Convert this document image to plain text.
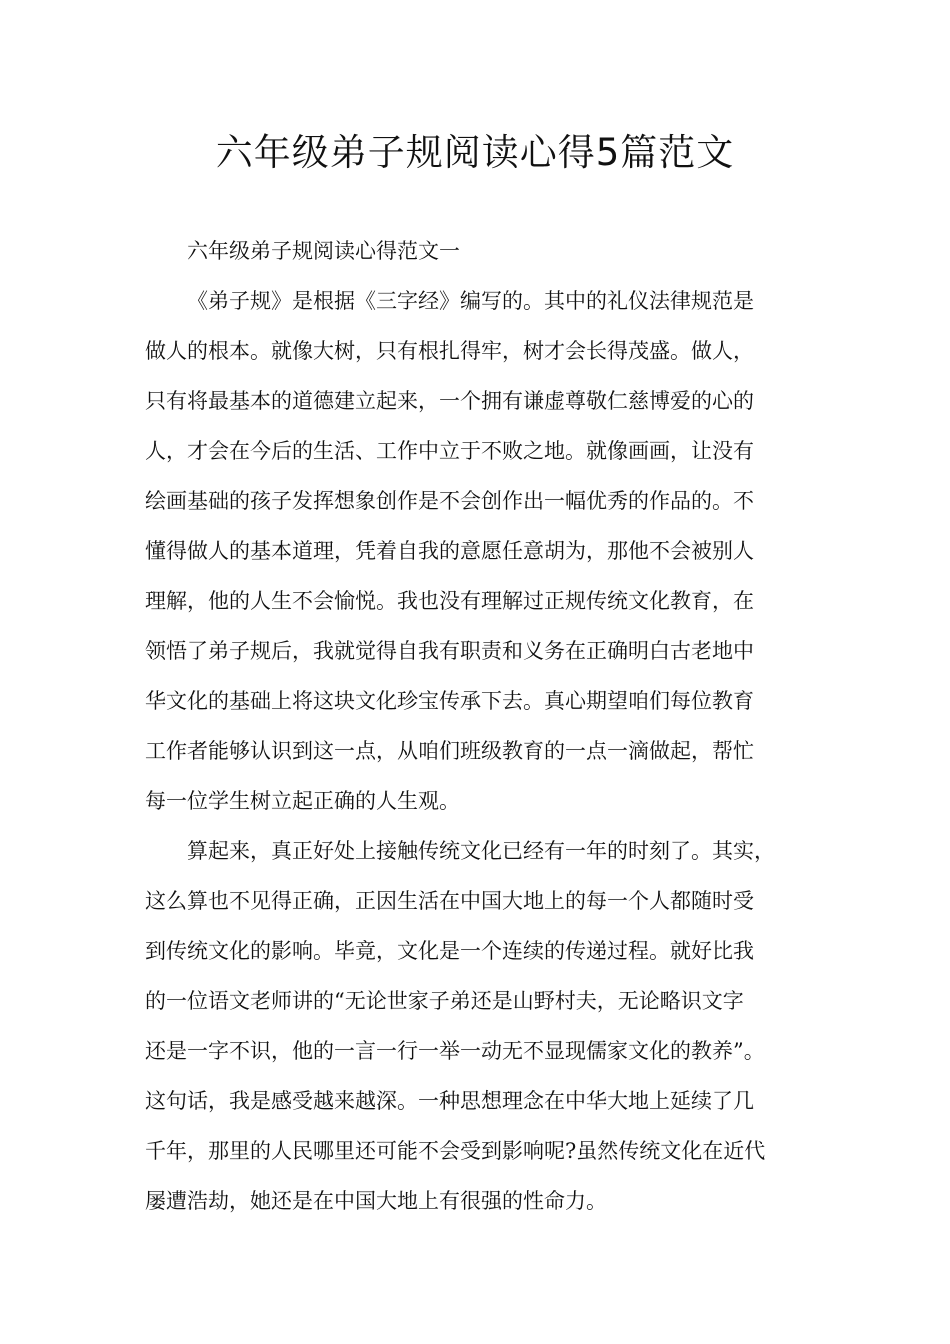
六年级弟子规阅读心得5篇范文

六年级弟子规阅读心得范文一

《弟子规》是根据《三字经》编写的。其中的礼仪法律规范是
做人的根本。就像大树，只有根扎得牢，树才会长得茂盛。做人，
只有将最基本的道德建立起来，一个拥有谦虚尊敬仁慈博爱的心的
人，才会在今后的生活、工作中立于不败之地。就像画画，让没有
绘画基础的孩子发挥想象创作是不会创作出一幅优秀的作品的。不
懂得做人的基本道理，凭着自我的意愿任意胡为，那他不会被别人
理解，他的人生不会愉悦。我也没有理解过正规传统文化教育，在
领悟了弟子规后，我就觉得自我有职责和义务在正确明白古老地中
华文化的基础上将这块文化珍宝传承下去。真心期望咱们每位教育
工作者能够认识到这一点，从咱们班级教育的一点一滴做起，帮忙
每一位学生树立起正确的人生观。

算起来，真正好处上接触传统文化已经有一年的时刻了。其实，
这么算也不见得正确，正因生活在中国大地上的每一个人都随时受
到传统文化的影响。毕竟，文化是一个连续的传递过程。就好比我
的一位语文老师讲的“无论世家子弟还是山野村夫，无论略识文字
还是一字不识，他的一言一行一举一动无不显现儒家文化的教养”。
这句话，我是感受越来越深。一种思想理念在中华大地上延续了几
千年，那里的人民哪里还可能不会受到影响呢?虽然传统文化在近代
屡遭浩劫，她还是在中国大地上有很强的性命力。
